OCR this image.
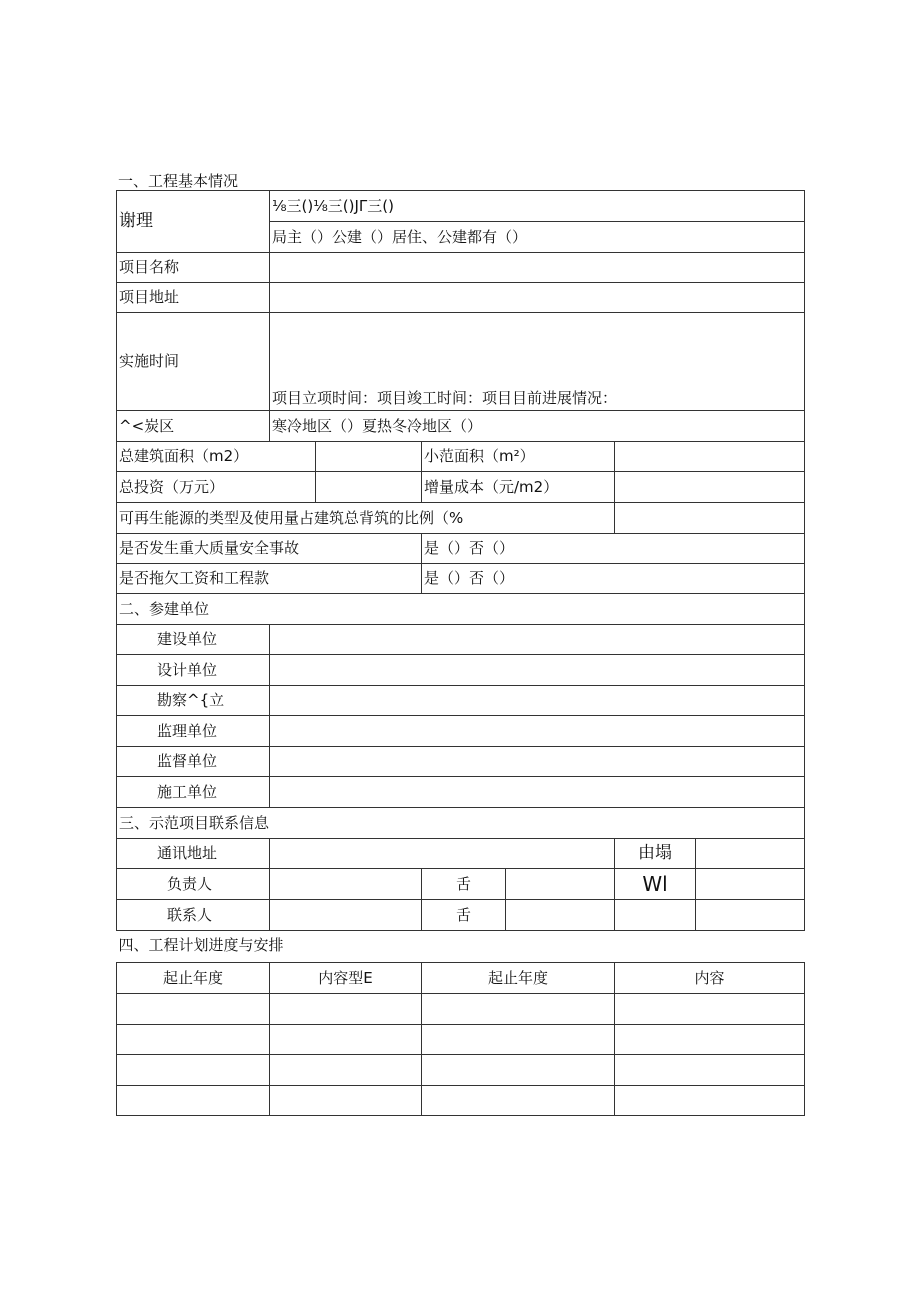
一、工程基本情况
谢理	⅛三()⅛三()JΓ三()					
	局主（）公建（）居住、公建都有（）					
项目名称						
项目地址						
实施时间	项目立项时间：项目竣工时间：项目目前进展情况：					
^<炭区	寒冷地区（）夏热冬冷地区（）					
总建筑面积（m2）			小范面积（m²）			
总投资（万元）			增量成本（元/m2）			
可再生能源的类型及使用量占建筑总背筑的比例（%						
是否发生重大质量安全事故			是（）否（）			
是否拖欠工资和工程款			是（）否（）			
二、参建单位						
建设单位						
设计单位						
勘察^{立						
监理单位						
监督单位						
施工单位						
三、示范项目联系信息						
通讯地址					由塌	
负责人			舌		Wl	
联系人			舌			
四、工程计划进度与安排						
起止年度	内容型E	起止年度	内容
